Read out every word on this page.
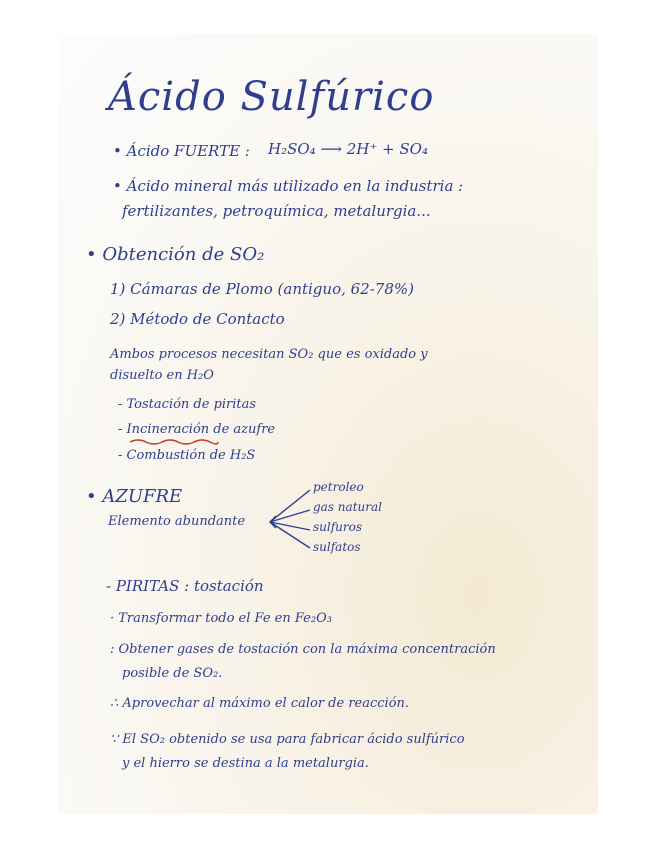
Ácido Sulfúrico
• Ácido FUERTE : H₂SO₄ ⟶ 2H⁺ + SO₄
• Ácido mineral más utilizado en la industria :
fertilizantes, petroquímica, metalurgia...
• Obtención de SO₂
1) Cámaras de Plomo (antiguo, 62-78%)
2) Método de Contacto
Ambos procesos necesitan SO₂ que es oxidado y
disuelto en H₂O
- Tostación de piritas
- Incineración de azufre
- Combustión de H₂S
• AZUFRE
Elemento abundante
petroleo
gas natural
sulfuros
sulfatos
- PIRITAS : tostación
· Transformar todo el Fe en Fe₂O₃
: Obtener gases de tostación con la máxima concentración
posible de SO₂.
∴ Aprovechar al máximo el calor de reacción.
∵ El SO₂ obtenido se usa para fabricar ácido sulfúrico
y el hierro se destina a la metalurgia.
